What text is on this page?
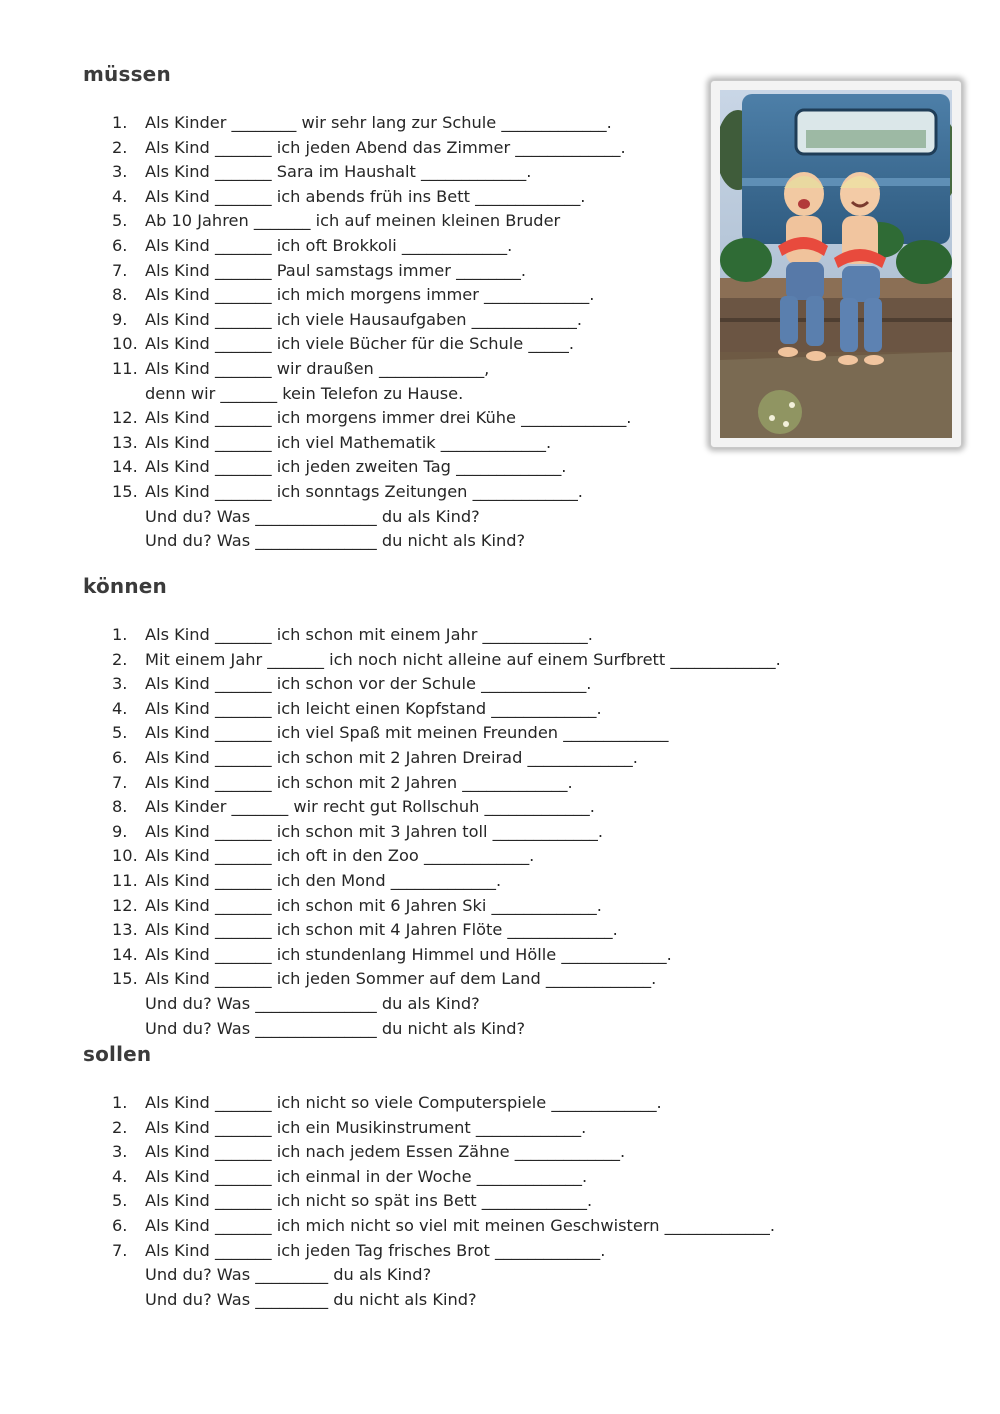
müssen
1. Als Kinder ________ wir sehr lang zur Schule _____________.
2. Als Kind _______ ich jeden Abend das Zimmer _____________.
3. Als Kind _______ Sara im Haushalt _____________.
4. Als Kind _______ ich abends früh ins Bett _____________.
5. Ab 10 Jahren _______ ich auf meinen kleinen Bruder
6. Als Kind _______ ich oft Brokkoli _____________.
7. Als Kind _______ Paul samstags immer ________.
8. Als Kind _______ ich mich morgens immer _____________.
9. Als Kind _______ ich viele Hausaufgaben _____________.
10. Als Kind _______ ich viele Bücher für die Schule _____.
11. Als Kind _______ wir draußen _____________,
denn wir _______ kein Telefon zu Hause.
12. Als Kind _______ ich morgens immer drei Kühe _____________.
13. Als Kind _______ ich viel Mathematik _____________.
14. Als Kind _______ ich jeden zweiten Tag _____________.
15. Als Kind _______ ich sonntags Zeitungen _____________.
Und du? Was _______________ du als Kind?
Und du? Was _______________ du nicht als Kind?
können
1. Als Kind _______ ich schon mit einem Jahr _____________.
2. Mit einem Jahr _______ ich noch nicht alleine auf einem Surfbrett _____________.
3. Als Kind _______ ich schon vor der Schule _____________.
4. Als Kind _______ ich leicht einen Kopfstand _____________.
5. Als Kind _______ ich viel Spaß mit meinen Freunden _____________
6. Als Kind _______ ich schon mit 2 Jahren Dreirad _____________.
7. Als Kind _______ ich schon mit 2 Jahren _____________.
8. Als Kinder _______ wir recht gut Rollschuh _____________.
9. Als Kind _______ ich schon mit 3 Jahren toll _____________.
10. Als Kind _______ ich oft in den Zoo _____________.
11. Als Kind _______ ich den Mond _____________.
12. Als Kind _______ ich schon mit 6 Jahren Ski _____________.
13. Als Kind _______ ich schon mit 4 Jahren Flöte _____________.
14. Als Kind _______ ich stundenlang Himmel und Hölle _____________.
15. Als Kind _______ ich jeden Sommer auf dem Land _____________.
Und du? Was _______________ du als Kind?
Und du? Was _______________ du nicht als Kind?
sollen
1. Als Kind _______ ich nicht so viele Computerspiele _____________.
2. Als Kind _______ ich ein Musikinstrument _____________.
3. Als Kind _______ ich nach jedem Essen Zähne _____________.
4. Als Kind _______ ich einmal in der Woche _____________.
5. Als Kind _______ ich nicht so spät ins Bett _____________.
6. Als Kind _______ ich mich nicht so viel mit meinen Geschwistern _____________.
7. Als Kind _______ ich jeden Tag frisches Brot _____________.
Und du? Was _________ du als Kind?
Und du? Was _________ du nicht als Kind?
